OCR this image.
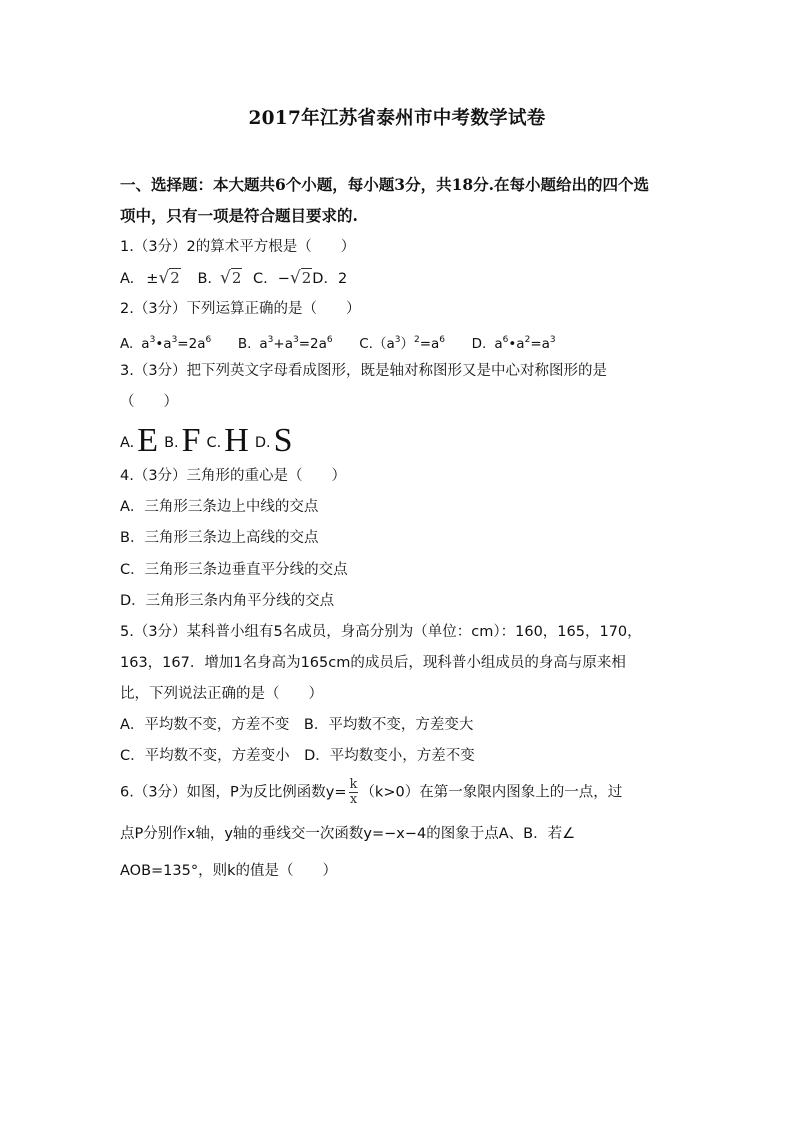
2017年江苏省泰州市中考数学试卷
一、选择题：本大题共6个小题，每小题3分，共18分.在每小题给出的四个选
项中，只有一项是符合题目要求的.
1.（3分）2的算术平方根是（　　）
A. ±√2 B. √2 C. −√2D．2
2.（3分）下列运算正确的是（　　）
A. $a^3•a^3=2a^6$ B. $a^3+a^3=2a^6$ $C.(a^3)^2=a^6$ D. $a^6•a^2=a^3$
3.（3分）把下列英文字母看成图形，既是轴对称图形又是中心对称图形的是
（　　）
A.E B.F C.H D.S
4.（3分）三角形的重心是（　　）
A．三角形三条边上中线的交点
B．三角形三条边上高线的交点
C．三角形三条边垂直平分线的交点
D．三角形三条内角平分线的交点
5.（3分）某科普小组有5名成员，身高分别为（单位：cm）：160，165，170，
163，167．增加1名身高为165cm的成员后，现科普小组成员的身高与原来相
比，下列说法正确的是（　　）
A．平均数不变，方差不变　B．平均数不变，方差变大
C．平均数不变，方差变小　D．平均数变小，方差不变
6.（3分）如图，P为反比例函数$y= \frac{k}{x} (k>0)$在第一象限内图象上的一点，过
点P分别作x轴，y轴的垂线交一次函数y=−x−4的图象于点A、B．若∠
AOB=135°，则k的值是（　　）
